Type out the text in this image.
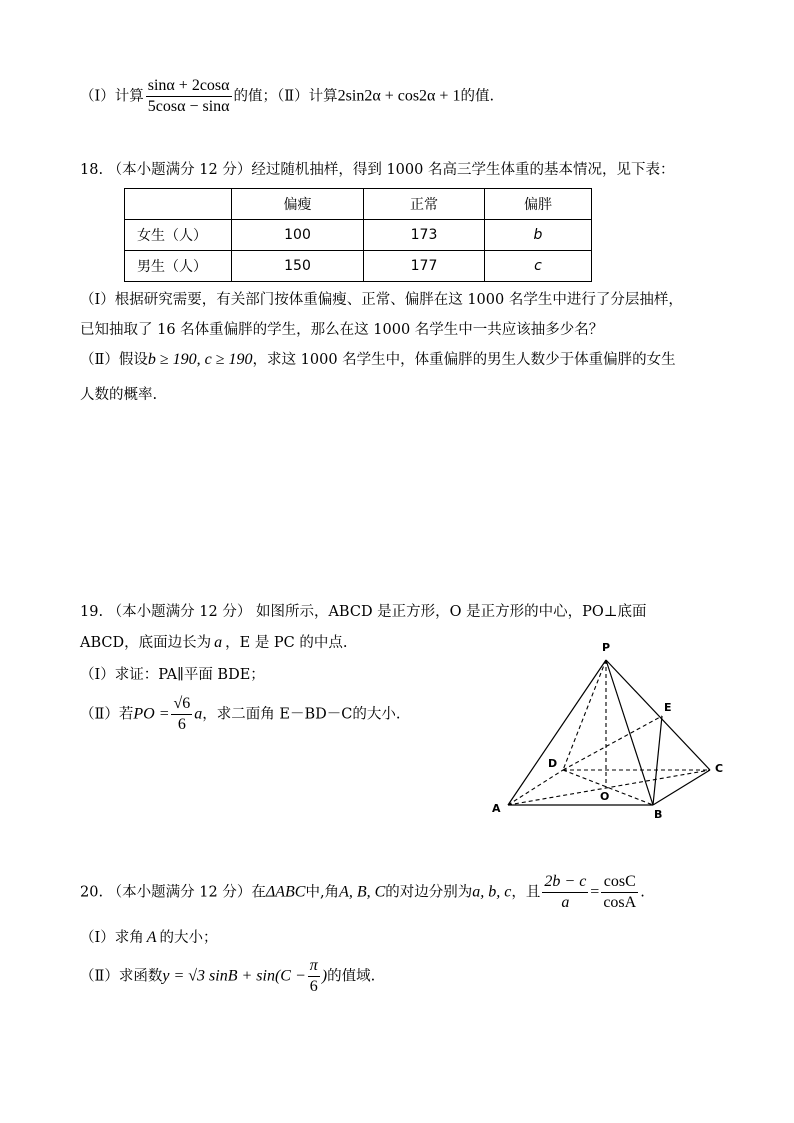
（Ⅰ）计算 $\frac{\sin\alpha + 2\cos\alpha}{5\cos\alpha - \sin\alpha}$ 的值；（Ⅱ）计算2sin2α + cos2α + 1的值.
18. （本小题满分 12 分）经过随机抽样，得到 1000 名高三学生体重的基本情况，见下表：
	偏瘦	正常	偏胖
女生（人）	100	173	b
男生（人）	150	177	c
（Ⅰ）根据研究需要，有关部门按体重偏瘦、正常、偏胖在这 1000 名学生中进行了分层抽样，
已知抽取了 16 名体重偏胖的学生，那么在这 1000 名学生中一共应该抽多少名？
（Ⅱ）假设b ≥ 190, c ≥ 190，求这 1000 名学生中，体重偏胖的男生人数少于体重偏胖的女生
人数的概率.
19. （本小题满分 12 分） 如图所示，ABCD 是正方形，O 是正方形的中心，PO⊥底面
ABCD，底面边长为 a ，E 是 PC 的中点.
（Ⅰ）求证：PA∥平面 BDE；
（Ⅱ）若PO = $\frac{√6}{6}$ a，求二面角 E－BD－C的大小.
P
E
D	C
O
A	B
20. （本小题满分 12 分）在ΔABC中,角A, B, C的对边分别为a, b, c，且 $\frac{2b - c}{a} = \frac{\cos C}{\cos A}$ .
（Ⅰ）求角 A 的大小；
（Ⅱ）求函数y = √3 $\sin B + \sin(C - \frac{\pi}{6}$ )的值域.
